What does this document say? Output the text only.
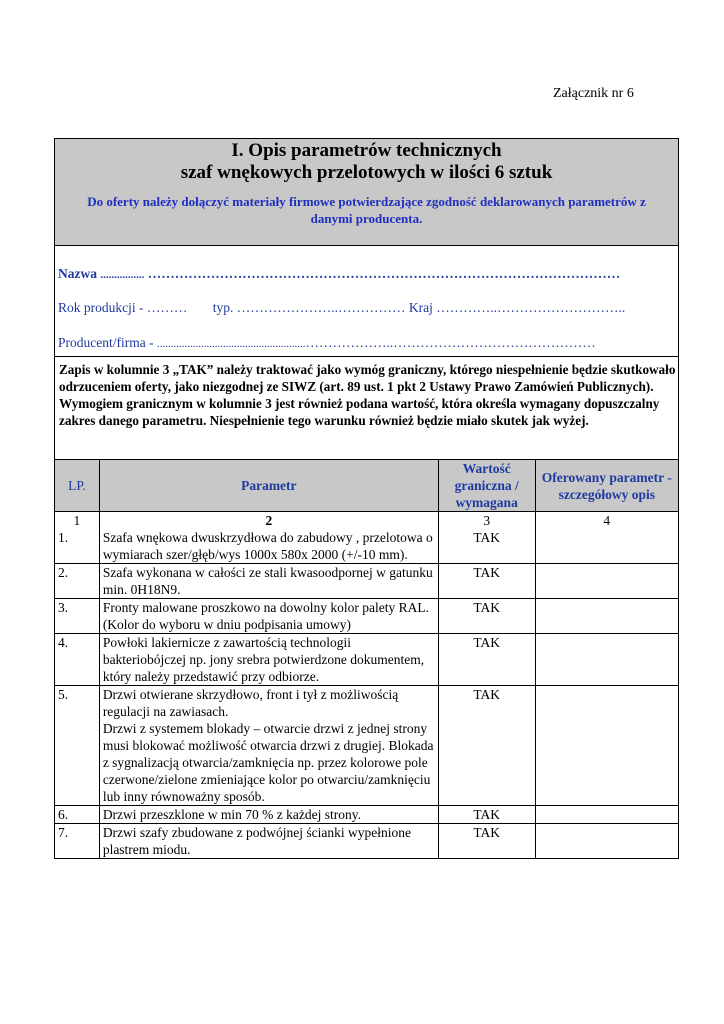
Załącznik nr 6
I. Opis parametrów technicznych
szaf wnękowych przelotowych w ilości 6 sztuk
Do oferty należy dołączyć materiały firmowe potwierdzające zgodność deklarowanych parametrów z danymi producenta.
Nazwa ................ ……………………………………………………………………………………………
Rok produkcji - ……… typ. …………………..…………… Kraj …………..………………………..
Producent/firma - ......................................................………………..………………………………………
Zapis w kolumnie 3 „TAK” należy traktować jako wymóg graniczny, którego niespełnienie będzie skutkowało odrzuceniem oferty, jako niezgodnej ze SIWZ (art. 89 ust. 1 pkt 2 Ustawy Prawo Zamówień Publicznych).
Wymogiem granicznym w kolumnie 3 jest również podana wartość, która określa wymagany dopuszczalny zakres danego parametru. Niespełnienie tego warunku również będzie miało skutek jak wyżej.
LP.	Parametr	Wartość graniczna / wymagana	Oferowany parametr -szczegółowy opis
1	2	3	4
1.	Szafa wnękowa dwuskrzydłowa do zabudowy , przelotowa o wymiarach szer/głęb/wys 1000x 580x 2000 (+/-10 mm).	TAK	
2.	Szafa wykonana w całości ze stali kwasoodpornej w gatunku min. 0H18N9.	TAK	
3.	Fronty malowane proszkowo na dowolny kolor palety RAL.
(Kolor do wyboru w dniu podpisania umowy)	TAK	
4.	Powłoki lakiernicze z zawartością technologii bakteriobójczej np. jony srebra potwierdzone dokumentem, który należy przedstawić przy odbiorze.	TAK	
5.	Drzwi otwierane skrzydłowo, front i tył z możliwością regulacji na zawiasach.
Drzwi z systemem blokady – otwarcie drzwi z jednej strony musi blokować możliwość otwarcia drzwi z drugiej. Blokada z sygnalizacją otwarcia/zamknięcia np. przez kolorowe pole czerwone/zielone zmieniające kolor po otwarciu/zamknięciu lub inny równoważny sposób.	TAK	
6.	Drzwi przeszklone w min 70 % z każdej strony.	TAK	
7.	Drzwi szafy zbudowane z podwójnej ścianki wypełnione plastrem miodu.	TAK	
